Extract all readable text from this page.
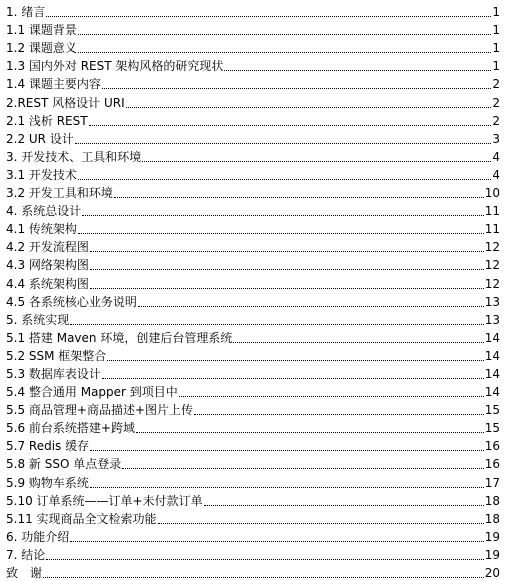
1. 绪言	1
1.1 课题背景	1
1.2 课题意义	1
1.3 国内外对 REST 架构风格的研究现状	1
1.4 课题主要内容	2
2.REST 风格设计 URI	2
2.1 浅析 REST	2
2.2 UR 设计	3
3. 开发技术、工具和环境	4
3.1 开发技术	4
3.2 开发工具和环境	10
4. 系统总设计	11
4.1 传统架构	11
4.2 开发流程图	12
4.3 网络架构图	12
4.4 系统架构图	12
4.5 各系统核心业务说明	13
5. 系统实现	13
5.1 搭建 Maven 环境，创建后台管理系统	14
5.2 SSM 框架整合	14
5.3 数据库表设计	14
5.4 整合通用 Mapper 到项目中	14
5.5 商品管理+商品描述+图片上传	15
5.6 前台系统搭建+跨域	15
5.7 Redis 缓存	16
5.8 新 SSO 单点登录	16
5.9 购物车系统	17
5.10 订单系统——订单+未付款订单	18
5.11 实现商品全文检索功能	18
6. 功能介绍	19
7. 结论	19
致　谢	20
